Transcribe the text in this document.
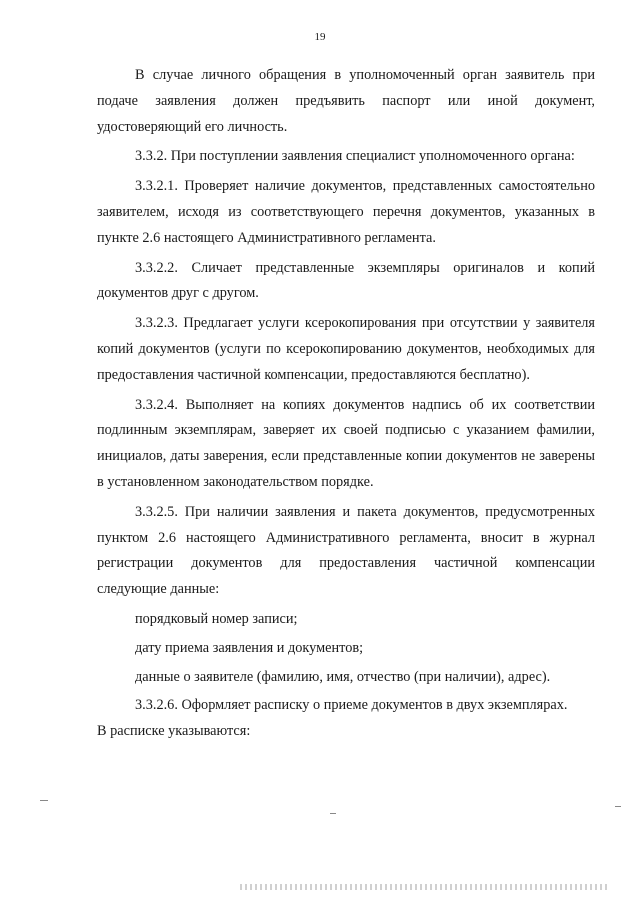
19

В случае личного обращения в уполномоченный орган заявитель при подаче заявления должен предъявить паспорт или иной документ, удостоверяющий его личность.

3.3.2. При поступлении заявления специалист уполномоченного органа:

3.3.2.1. Проверяет наличие документов, представленных самостоятельно заявителем, исходя из соответствующего перечня документов, указанных в пункте 2.6 настоящего Административного регламента.

3.3.2.2. Сличает представленные экземпляры оригиналов и копий документов друг с другом.

3.3.2.3. Предлагает услуги ксерокопирования при отсутствии у заявителя копий документов (услуги по ксерокопированию документов, необходимых для предоставления частичной компенсации, предоставляются бесплатно).

3.3.2.4. Выполняет на копиях документов надпись об их соответствии подлинным экземплярам, заверяет их своей подписью с указанием фамилии, инициалов, даты заверения, если представленные копии документов не заверены в установленном законодательством порядке.

3.3.2.5. При наличии заявления и пакета документов, предусмотренных пунктом 2.6 настоящего Административного регламента, вносит в журнал регистрации документов для предоставления частичной компенсации следующие данные:

порядковый номер записи;
дату приема заявления и документов;
данные о заявителе (фамилию, имя, отчество (при наличии), адрес).

3.3.2.6. Оформляет расписку о приеме документов в двух экземплярах.

В расписке указываются:
